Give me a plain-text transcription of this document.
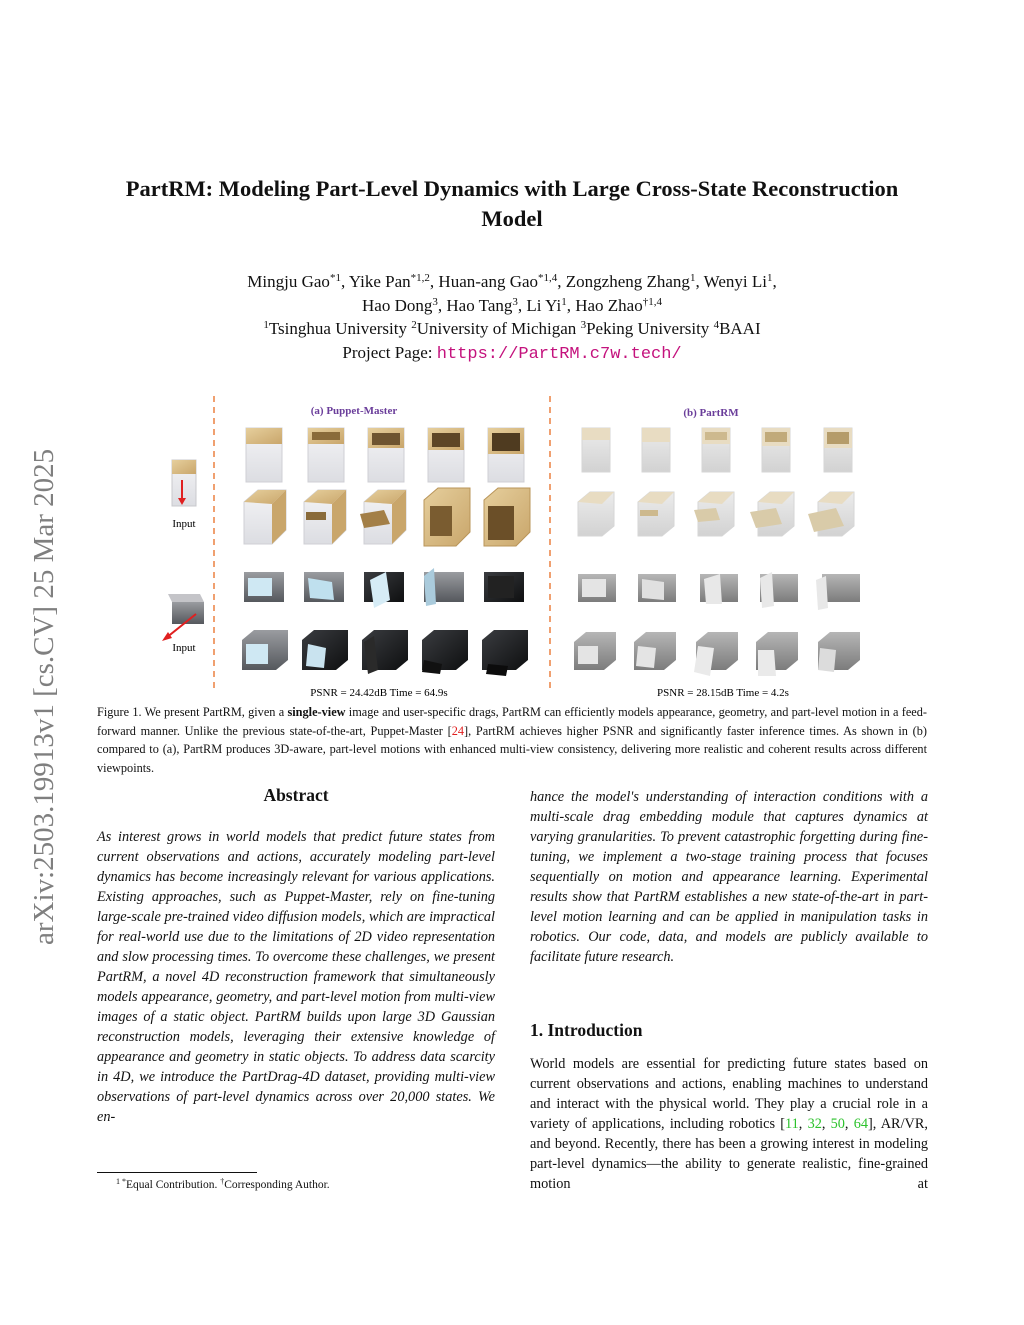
arXiv:2503.19913v1 [cs.CV] 25 Mar 2025
PartRM: Modeling Part-Level Dynamics with Large Cross-State Reconstruction Model
Mingju Gao$^{*1}$, Yike Pan$^{*1,2}$, Huan-ang Gao$^{*1,4}$, Zongzheng Zhang$^1$, Wenyi Li$^1$,
Hao Dong$^3$, Hao Tang$^3$, Li Yi$^1$, Hao Zhao$^{\dagger 1,4}$
$^1$Tsinghua University $^2$University of Michigan $^3$Peking University $^4$BAAI
Project Page: https://PartRM.c7w.tech/
(a) Puppet-Master	(b) PartRM
Input
Input
PSNR = 24.42dB Time = 64.9s	PSNR = 28.15dB Time = 4.2s
Figure 1. We present PartRM, given a single-view image and user-specific drags, PartRM can efficiently models appearance, geometry, and part-level motion in a feed-forward manner. Unlike the previous state-of-the-art, Puppet-Master [24], PartRM achieves higher PSNR and significantly faster inference times. As shown in (b) compared to (a), PartRM produces 3D-aware, part-level motions with enhanced multi-view consistency, delivering more realistic and coherent results across different viewpoints.
Abstract

As interest grows in world models that predict future states from current observations and actions, accurately modeling part-level dynamics has become increasingly relevant for various applications. Existing approaches, such as Puppet-Master, rely on fine-tuning large-scale pre-trained video diffusion models, which are impractical for real-world use due to the limitations of 2D video representation and slow processing times. To overcome these challenges, we present PartRM, a novel 4D reconstruction framework that simultaneously models appearance, geometry, and part-level motion from multi-view images of a static object. PartRM builds upon large 3D Gaussian reconstruction models, leveraging their extensive knowledge of appearance and geometry in static objects. To address data scarcity in 4D, we introduce the PartDrag-4D dataset, providing multi-view observations of part-level dynamics across over 20,000 states. We en-

hance the model's understanding of interaction conditions with a multi-scale drag embedding module that captures dynamics at varying granularities. To prevent catastrophic forgetting during fine-tuning, we implement a two-stage training process that focuses sequentially on motion and appearance learning. Experimental results show that PartRM establishes a new state-of-the-art in part-level motion learning and can be applied in manipulation tasks in robotics. Our code, data, and models are publicly available to facilitate future research.

1. Introduction
World models are essential for predicting future states based on current observations and actions, enabling machines to understand and interact with the physical world. They play a crucial role in a variety of applications, including robotics [11, 32, 50, 64], AR/VR, and beyond. Recently, there has been a growing interest in modeling part-level dynamics—the ability to generate realistic, fine-grained motion at
$^{1 *}$Equal Contribution. †Corresponding Author.
